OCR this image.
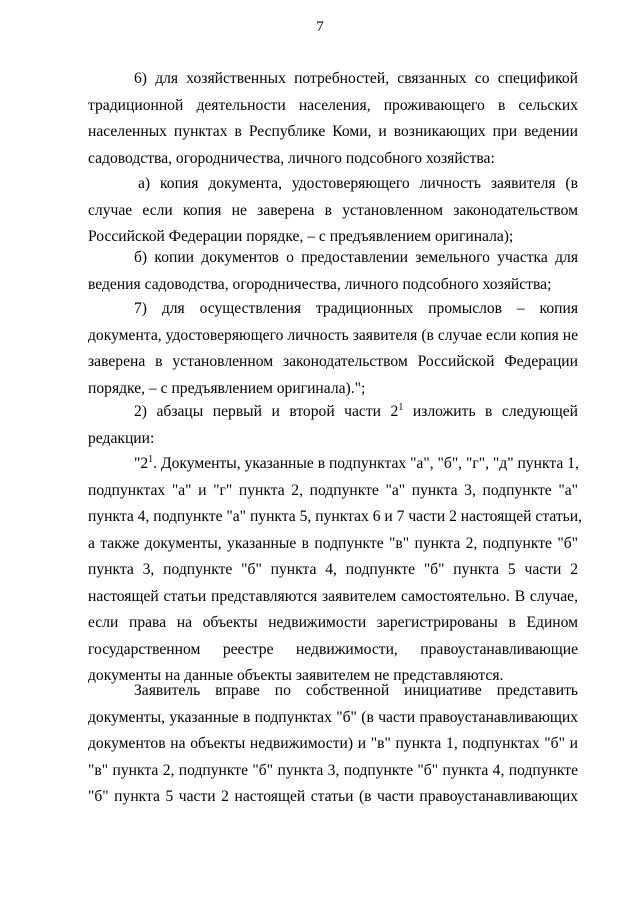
7
6) для хозяйственных потребностей, связанных со спецификой
традиционной деятельности населения, проживающего в сельских
населенных пунктах в Республике Коми, и возникающих при ведении
садоводства, огородничества, личного подсобного хозяйства:
а) копия документа, удостоверяющего личность заявителя (в
случае если копия не заверена в установленном законодательством
Российской Федерации порядке, – с предъявлением оригинала);
б) копии документов о предоставлении земельного участка для
ведения садоводства, огородничества, личного подсобного хозяйства;
7) для осуществления традиционных промыслов – копия
документа, удостоверяющего личность заявителя (в случае если копия не
заверена в установленном законодательством Российской Федерации
порядке, – с предъявлением оригинала).";
2) абзацы первый и второй части $2^1$ изложить в следующей
редакции:
"$2^1$. Документы, указанные в подпунктах "а", "б", "г", "д" пункта 1,
подпунктах "а" и "г" пункта 2, подпункте "а" пункта 3, подпункте "а"
пункта 4, подпункте "а" пункта 5, пунктах 6 и 7 части 2 настоящей статьи,
а также документы, указанные в подпункте "в" пункта 2, подпункте "б"
пункта 3, подпункте "б" пункта 4, подпункте "б" пункта 5 части 2
настоящей статьи представляются заявителем самостоятельно. В случае,
если права на объекты недвижимости зарегистрированы в Едином
государственном реестре недвижимости, правоустанавливающие
документы на данные объекты заявителем не представляются.
Заявитель вправе по собственной инициативе представить
документы, указанные в подпунктах "б" (в части правоустанавливающих
документов на объекты недвижимости) и "в" пункта 1, подпунктах "б" и
"в" пункта 2, подпункте "б" пункта 3, подпункте "б" пункта 4, подпункте
"б" пункта 5 части 2 настоящей статьи (в части правоустанавливающих
